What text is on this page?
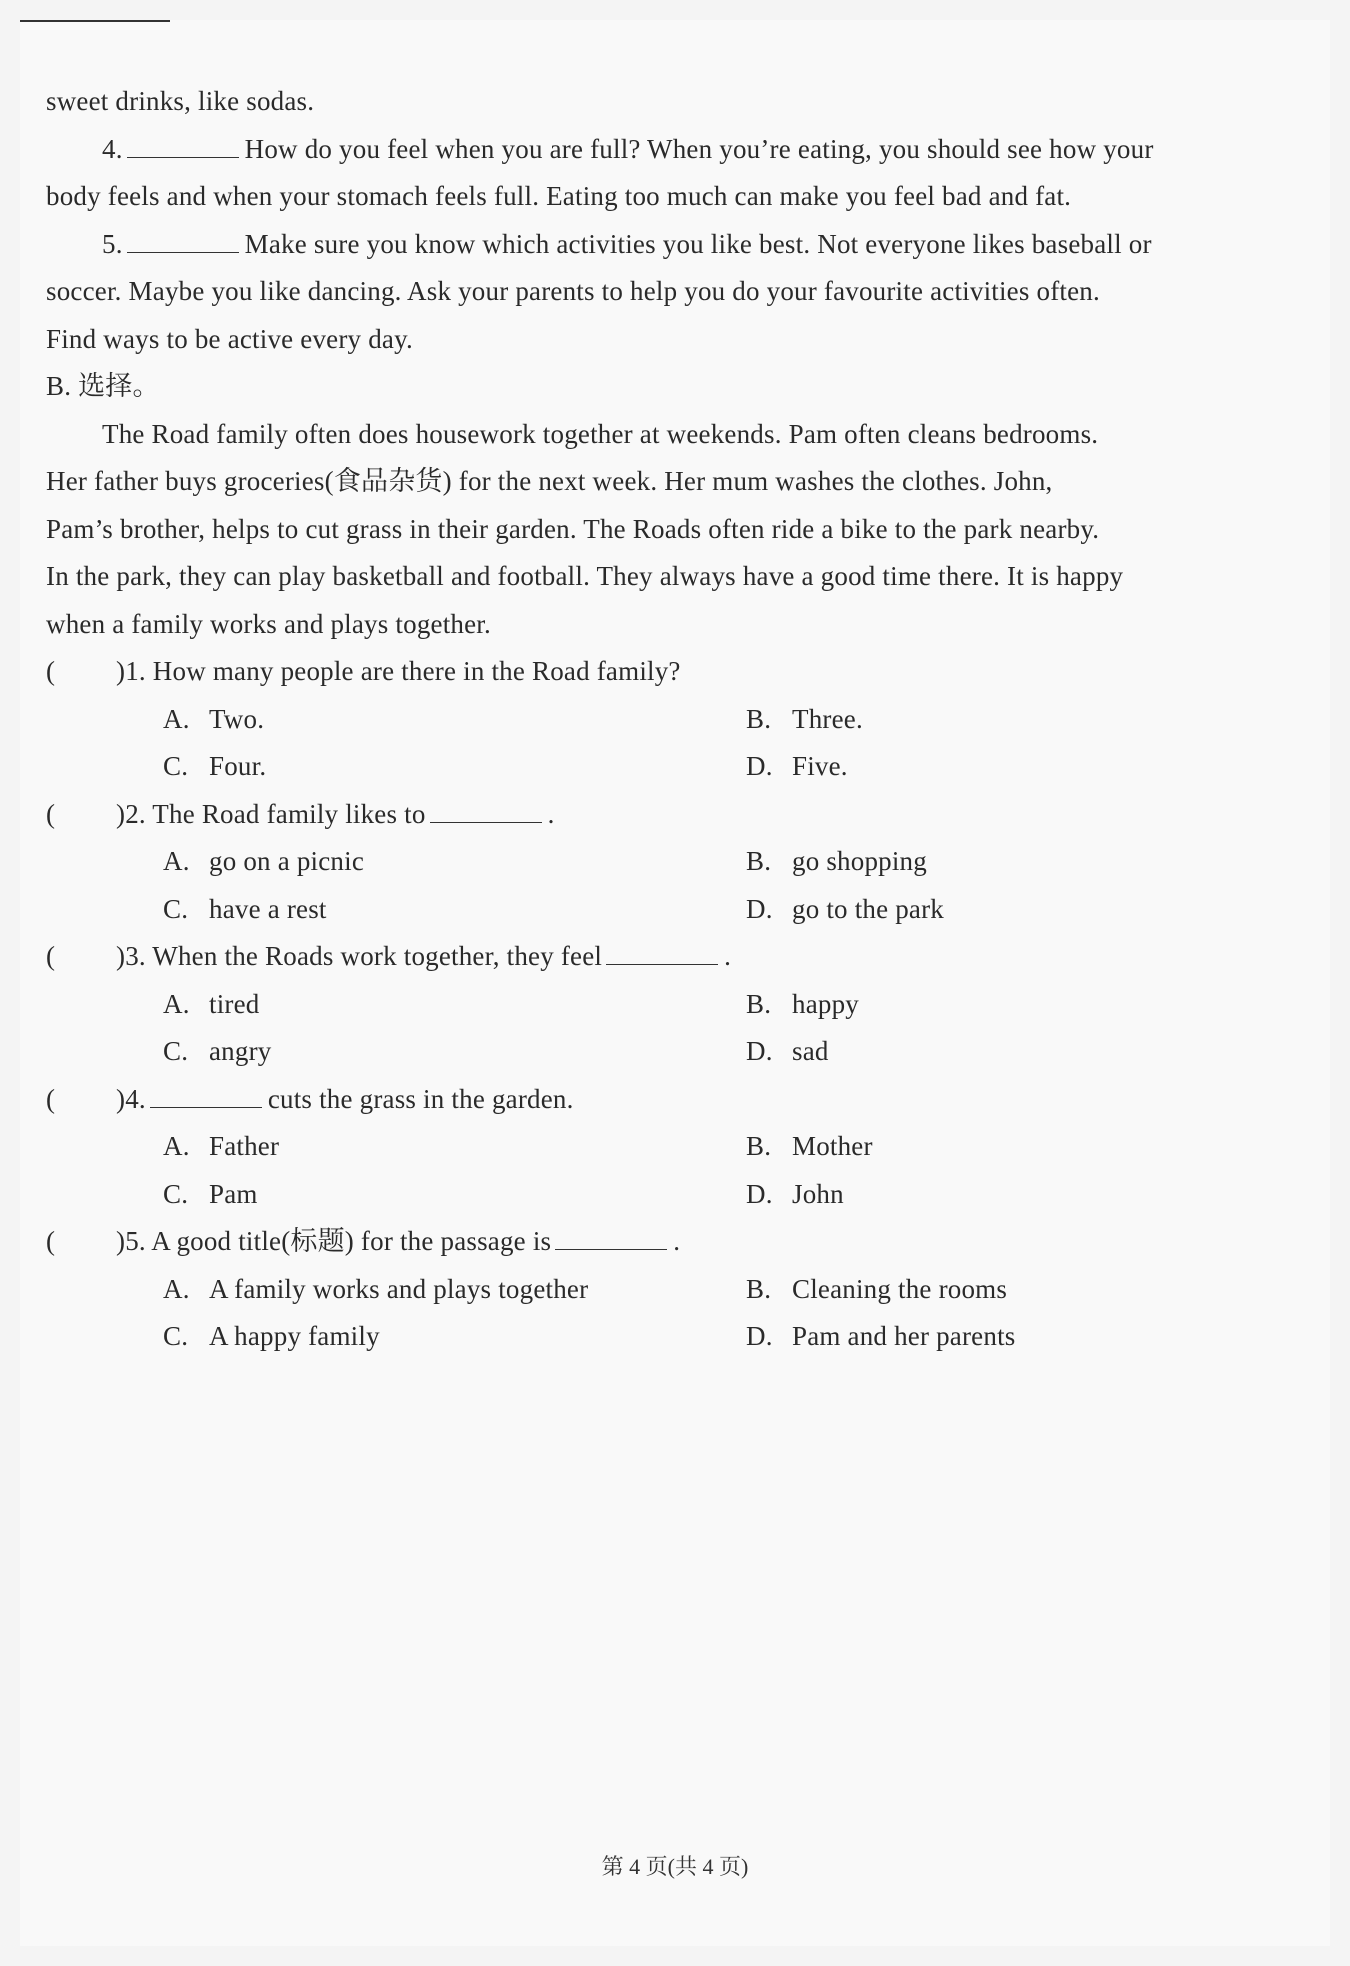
sweet drinks, like sodas.
4.	How do you feel when you are full? When you’re eating, you should see how your
body feels and when your stomach feels full. Eating too much can make you feel bad and fat.
5.	Make sure you know which activities you like best. Not everyone likes baseball or
soccer. Maybe you like dancing. Ask your parents to help you do your favourite activities often.
Find ways to be active every day.
B. 选择。
The Road family often does housework together at weekends. Pam often cleans bedrooms.
Her father buys groceries(食品杂货) for the next week. Her mum washes the clothes. John,
Pam’s brother, helps to cut grass in their garden. The Roads often ride a bike to the park nearby.
In the park, they can play basketball and football. They always have a good time there. It is happy
when a family works and plays together.
( )1. How many people are there in the Road family?
A. Two.	B. Three.
C. Four.	D. Five.
( )2. The Road family likes to	.
A. go on a picnic	B. go shopping
C. have a rest	D. go to the park
( )3. When the Roads work together, they feel	.
A. tired	B. happy
C. angry	D. sad
( )4.	cuts the grass in the garden.
A. Father	B. Mother
C. Pam	D. John
( )5. A good title(标题) for the passage is	.
A. A family works and plays together	B. Cleaning the rooms
C. A happy family	D. Pam and her parents
第 4 页(共 4 页)
